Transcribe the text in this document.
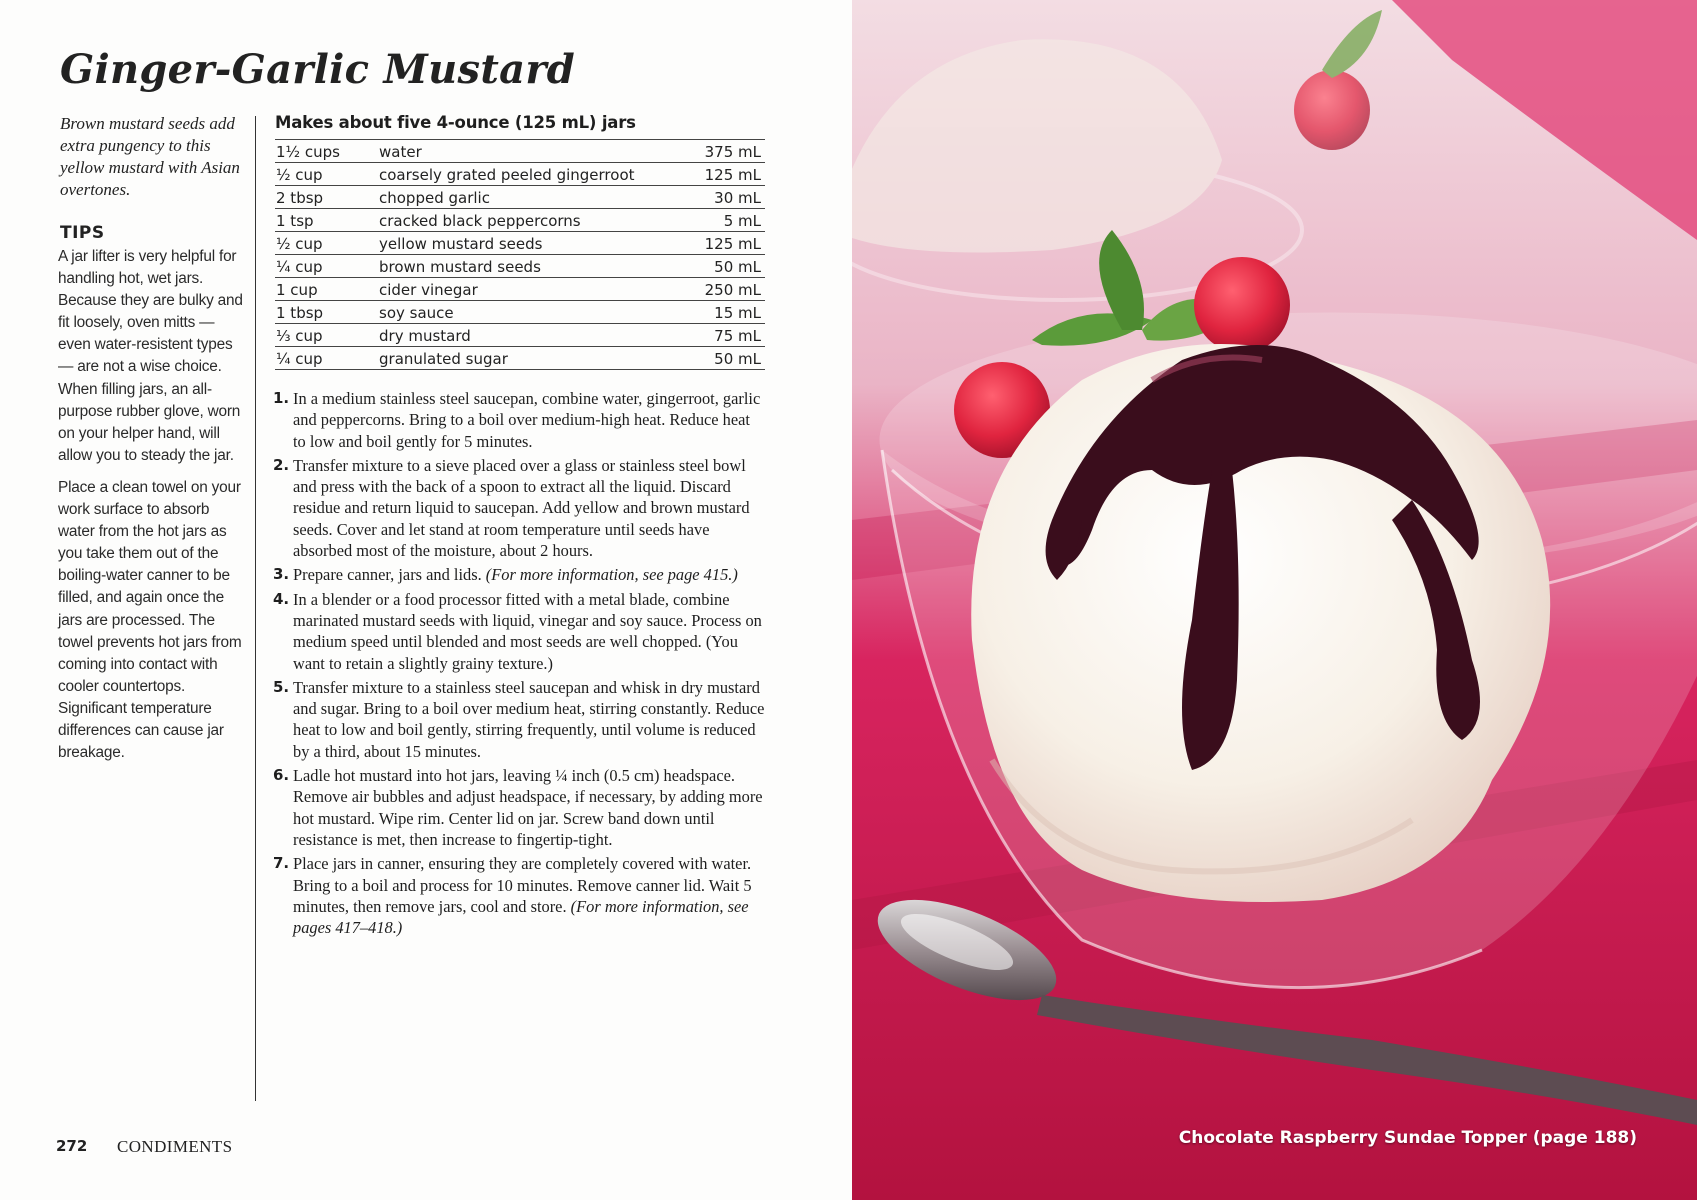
Ginger-Garlic Mustard

Brown mustard seeds add extra pungency to this yellow mustard with Asian overtones.

TIPS

A jar lifter is very helpful for handling hot, wet jars. Because they are bulky and fit loosely, oven mitts — even water-resistent types — are not a wise choice. When filling jars, an all-purpose rubber glove, worn on your helper hand, will allow you to steady the jar.

Place a clean towel on your work surface to absorb water from the hot jars as you take them out of the boiling-water canner to be filled, and again once the jars are processed. The towel prevents hot jars from coming into contact with cooler countertops. Significant temperature differences can cause jar breakage.

Makes about five 4-ounce (125 mL) jars
1½ cups	water	375 mL
½ cup	coarsely grated peeled gingerroot	125 mL
2 tbsp	chopped garlic	30 mL
1 tsp	cracked black peppercorns	5 mL
½ cup	yellow mustard seeds	125 mL
¼ cup	brown mustard seeds	50 mL
1 cup	cider vinegar	250 mL
1 tbsp	soy sauce	15 mL
⅓ cup	dry mustard	75 mL
¼ cup	granulated sugar	50 mL
1. In a medium stainless steel saucepan, combine water, gingerroot, garlic and peppercorns. Bring to a boil over medium-high heat. Reduce heat to low and boil gently for 5 minutes.
2. Transfer mixture to a sieve placed over a glass or stainless steel bowl and press with the back of a spoon to extract all the liquid. Discard residue and return liquid to saucepan. Add yellow and brown mustard seeds. Cover and let stand at room temperature until seeds have absorbed most of the moisture, about 2 hours.
3. Prepare canner, jars and lids. (For more information, see page 415.)
4. In a blender or a food processor fitted with a metal blade, combine marinated mustard seeds with liquid, vinegar and soy sauce. Process on medium speed until blended and most seeds are well chopped. (You want to retain a slightly grainy texture.)
5. Transfer mixture to a stainless steel saucepan and whisk in dry mustard and sugar. Bring to a boil over medium heat, stirring constantly. Reduce heat to low and boil gently, stirring frequently, until volume is reduced by a third, about 15 minutes.
6. Ladle hot mustard into hot jars, leaving ¼ inch (0.5 cm) headspace. Remove air bubbles and adjust headspace, if necessary, by adding more hot mustard. Wipe rim. Center lid on jar. Screw band down until resistance is met, then increase to fingertip-tight.
7. Place jars in canner, ensuring they are completely covered with water. Bring to a boil and process for 10 minutes. Remove canner lid. Wait 5 minutes, then remove jars, cool and store. (For more information, see pages 417–418.)
272 CONDIMENTS	Chocolate Raspberry Sundae Topper (page 188)
